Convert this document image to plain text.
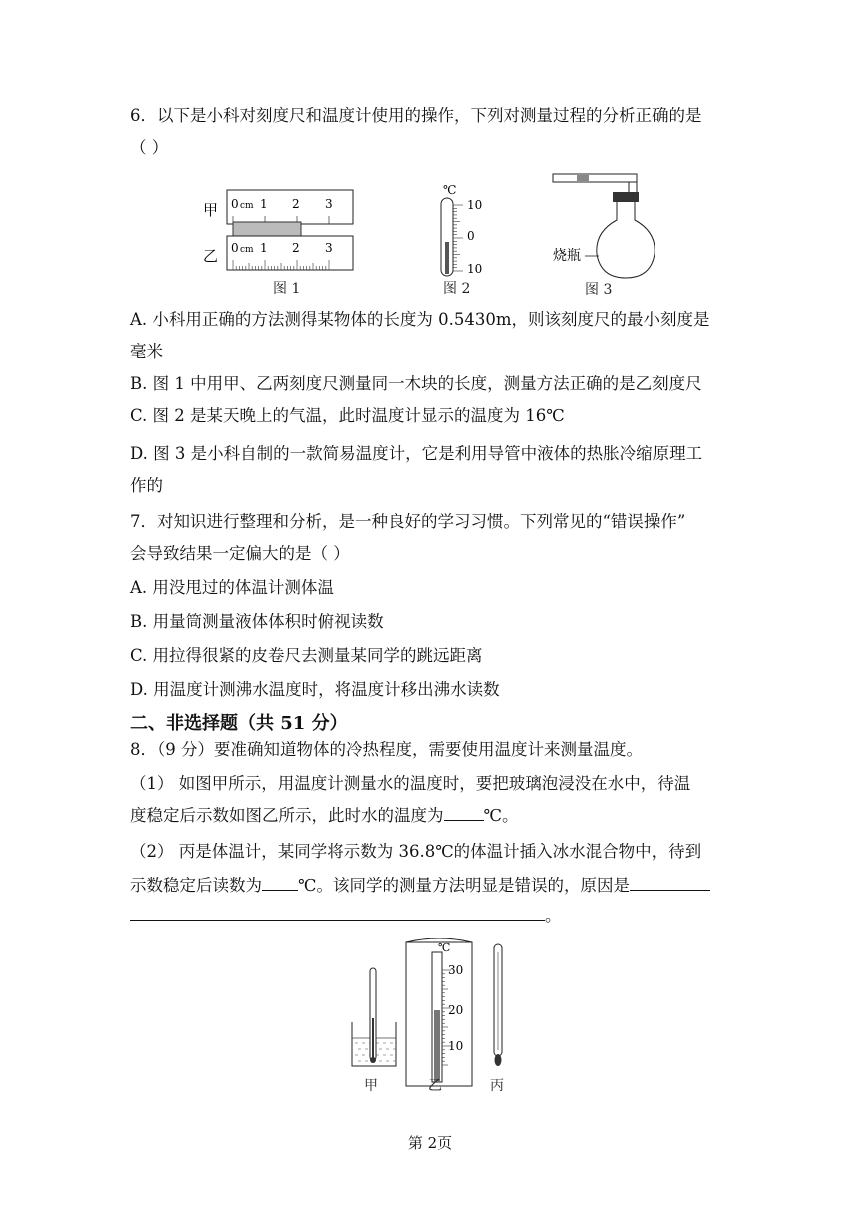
6．以下是小科对刻度尺和温度计使用的操作，下列对测量过程的分析正确的是
（ ）
甲
乙
0 cm 1 2 3
0 cm 1 2 3
图 1
℃
10
0
10
图 2
烧瓶
图 3
A. 小科用正确的方法测得某物体的长度为 0.5430m，则该刻度尺的最小刻度是
毫米
B. 图 1 中用甲、乙两刻度尺测量同一木块的长度，测量方法正确的是乙刻度尺
C. 图 2 是某天晚上的气温，此时温度计显示的温度为 16℃
D. 图 3 是小科自制的一款简易温度计，它是利用导管中液体的热胀冷缩原理工
作的
7．对知识进行整理和分析，是一种良好的学习习惯。下列常见的“错误操作”
会导致结果一定偏大的是（ ）
A. 用没甩过的体温计测体温
B. 用量筒测量液体体积时俯视读数
C. 用拉得很紧的皮卷尺去测量某同学的跳远距离
D. 用温度计测沸水温度时，将温度计移出沸水读数
二、非选择题（共 51 分）
8．（9 分）要准确知道物体的冷热程度，需要使用温度计来测量温度。
（1） 如图甲所示，用温度计测量水的温度时，要把玻璃泡浸没在水中，待温
度稳定后示数如图乙所示，此时水的温度为 ℃。
（2） 丙是体温计，某同学将示数为 36.8℃的体温计插入冰水混合物中，待到
示数稳定后读数为 ℃。该同学的测量方法明显是错误的，原因是
。
℃
30
20
10
甲	乙	丙
第 2页
